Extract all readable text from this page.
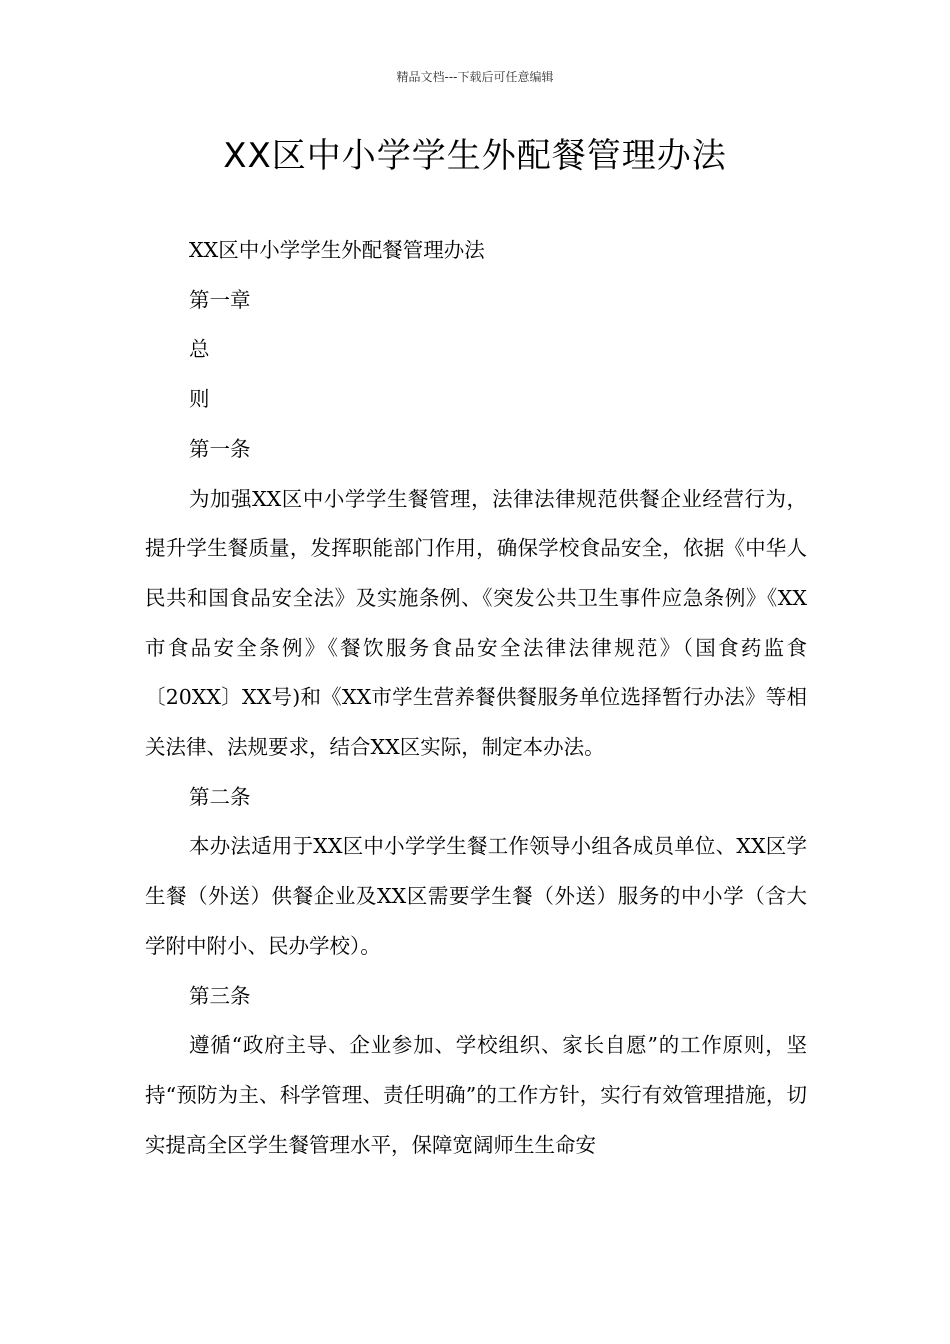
精品文档---下载后可任意编辑
XX区中小学学生外配餐管理办法

XX区中小学学生外配餐管理办法

第一章

总

则

第一条

为加强XX区中小学学生餐管理，法律法律规范供餐企业经营行为，提升学生餐质量，发挥职能部门作用，确保学校食品安全，依据《中华人民共和国食品安全法》及实施条例、《突发公共卫生事件应急条例》《XX市食品安全条例》《餐饮服务食品安全法律法律规范》（国食药监食〔20XX〕XX号)和《XX市学生营养餐供餐服务单位选择暂行办法》等相关法律、法规要求，结合XX区实际，制定本办法。

第二条

本办法适用于XX区中小学学生餐工作领导小组各成员单位、XX区学生餐（外送）供餐企业及XX区需要学生餐（外送）服务的中小学（含大学附中附小、民办学校）。

第三条

遵循“政府主导、企业参加、学校组织、家长自愿”的工作原则，坚持“预防为主、科学管理、责任明确”的工作方针，实行有效管理措施，切实提高全区学生餐管理水平，保障宽阔师生生命安
